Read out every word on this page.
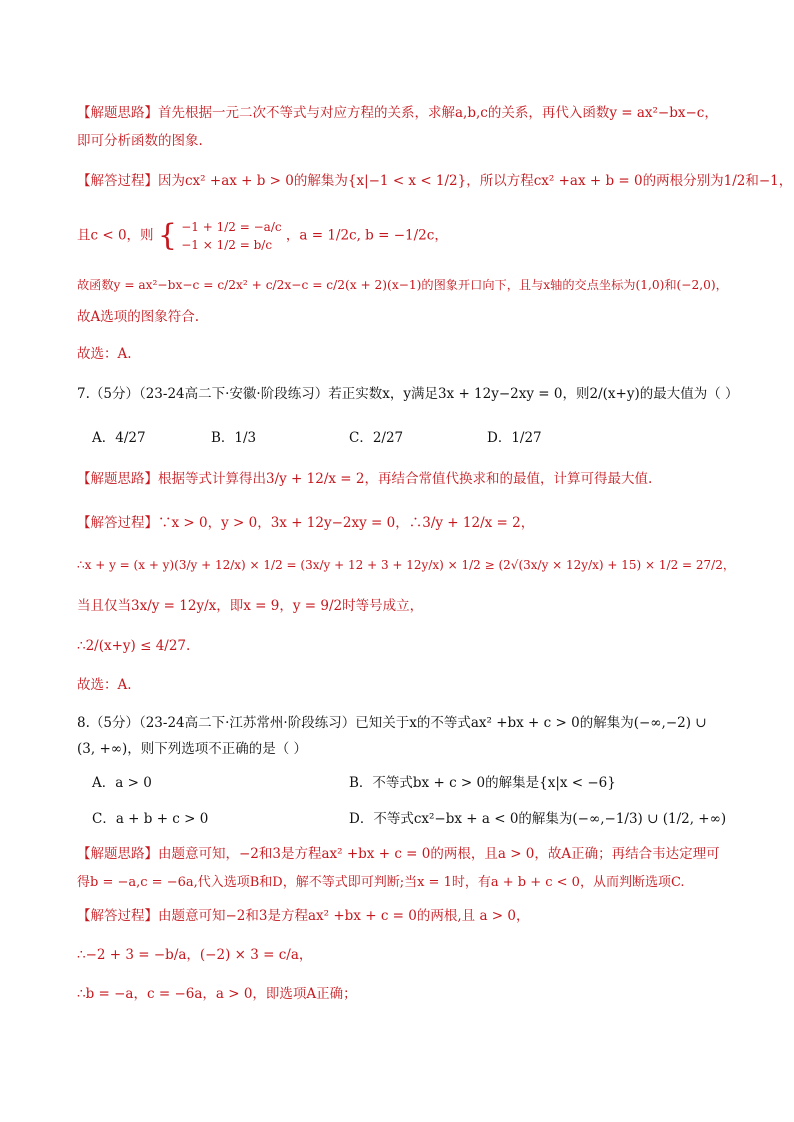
【解题思路】首先根据一元二次不等式与对应方程的关系，求解a,b,c的关系，再代入函数y = ax²−bx−c，
即可分析函数的图象.
【解答过程】因为cx² +ax + b > 0的解集为{x|−1 < x < 1/2}，所以方程cx² +ax + b = 0的两根分别为1/2和−1，
且c < 0，则 { −1 + 1/2 = −a/c
−1 × 1/2 = b/c
，a = 1/2c, b = −1/2c，
故函数y = ax²−bx−c = c/2x² + c/2x−c = c/2(x + 2)(x−1)的图象开口向下，且与x轴的交点坐标为(1,0)和(−2,0)，
故A选项的图象符合.
故选：A.
7.（5分）（23-24高二下·安徽·阶段练习）若正实数x，y满足3x + 12y−2xy = 0，则2/(x+y)的最大值为（ ）
A．4/27	B．1/3	C．2/27	D．1/27
【解题思路】根据等式计算得出3/y + 12/x = 2，再结合常值代换求和的最值，计算可得最大值.
【解答过程】∵x > 0，y > 0，3x + 12y−2xy = 0，∴3/y + 12/x = 2，
∴x + y = (x + y)(3/y + 12/x) × 1/2 = (3x/y + 12 + 3 + 12y/x) × 1/2 ≥ (2√(3x/y × 12y/x) + 15) × 1/2 = 27/2，
当且仅当3x/y = 12y/x，即x = 9，y = 9/2时等号成立，
∴2/(x+y) ≤ 4/27.
故选：A.
8.（5分）（23-24高二下·江苏常州·阶段练习）已知关于x的不等式ax² +bx + c > 0的解集为(−∞,−2) ∪
(3, +∞)，则下列选项不正确的是（ ）
A．a > 0	B．不等式bx + c > 0的解集是{x|x < −6}
C．a + b + c > 0	D．不等式cx²−bx + a < 0的解集为(−∞,−1/3) ∪ (1/2, +∞)
【解题思路】由题意可知，−2和3是方程ax² +bx + c = 0的两根，且a > 0，故A正确；再结合韦达定理可
得b = −a,c = −6a,代入选项B和D，解不等式即可判断;当x = 1时，有a + b + c < 0，从而判断选项C.
【解答过程】由题意可知−2和3是方程ax² +bx + c = 0的两根,且 a > 0，
∴−2 + 3 = −b/a，(−2) × 3 = c/a，
∴b = −a，c = −6a，a > 0，即选项A正确；
